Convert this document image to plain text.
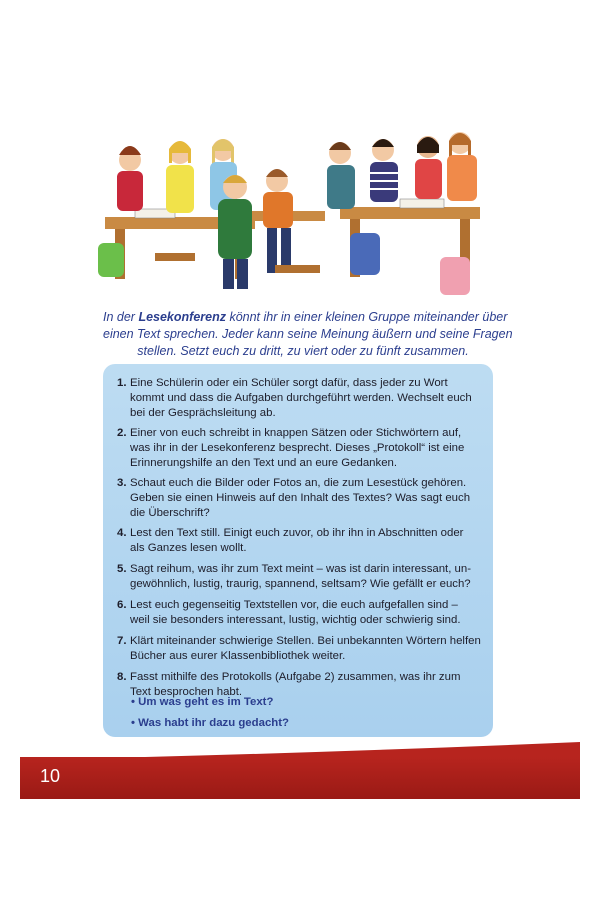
In der Lesekonferenz könnt ihr in einer kleinen Gruppe miteinander über
einen Text sprechen. Jeder kann seine Meinung äußern und seine Fragen
stellen. Setzt euch zu dritt, zu viert oder zu fünft zusammen.
1. Eine Schülerin oder ein Schüler sorgt dafür, dass jeder zu Wort
kommt und dass die Aufgaben durchgeführt werden. Wechselt euch
bei der Gesprächsleitung ab.
2. Einer von euch schreibt in knappen Sätzen oder Stichwörtern auf,
was ihr in der Lesekonferenz besprecht. Dieses „Protokoll“ ist eine
Erinnerungshilfe an den Text und an eure Gedanken.
3. Schaut euch die Bilder oder Fotos an, die zum Lesestück gehören.
Geben sie einen Hinweis auf den Inhalt des Textes? Was sagt euch
die Überschrift?
4. Lest den Text still. Einigt euch zuvor, ob ihr ihn in Abschnitten oder
als Ganzes lesen wollt.
5. Sagt reihum, was ihr zum Text meint – was ist darin interessant, un-
gewöhnlich, lustig, traurig, spannend, seltsam? Wie gefällt er euch?
6. Lest euch gegenseitig Textstellen vor, die euch aufgefallen sind –
weil sie besonders interessant, lustig, wichtig oder schwierig sind.
7. Klärt miteinander schwierige Stellen. Bei unbekannten Wörtern helfen
Bücher aus eurer Klassenbibliothek weiter.
8. Fasst mithilfe des Protokolls (Aufgabe 2) zusammen, was ihr zum
Text besprochen habt.
• Um was geht es im Text?
• Was habt ihr dazu gedacht?
10
